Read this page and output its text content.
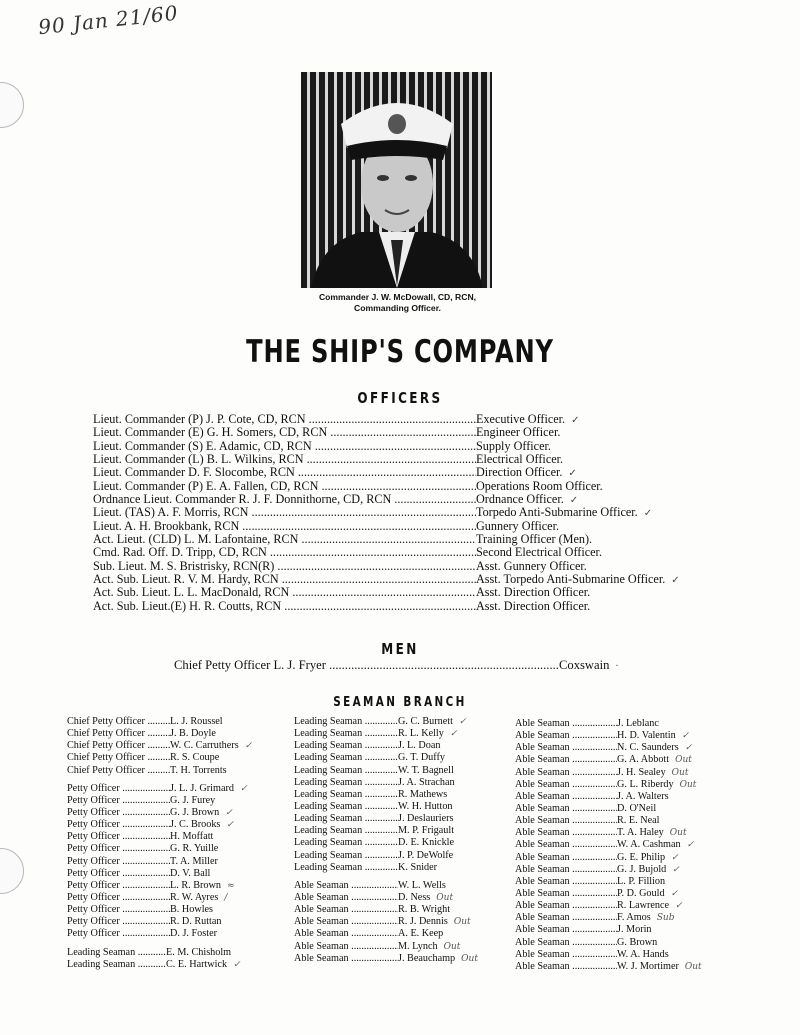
90 Jan 21/60
Commander J. W. McDowall, CD, RCN,
Commanding Officer.
THE SHIP'S COMPANY
OFFICERS
Lieut. Commander (P) J. P. Cote, CD, RCN .....	Executive Officer. ✓
Lieut. Commander (E) G. H. Somers, CD, RCN .....	Engineer Officer.
Lieut. Commander (S) E. Adamic, CD, RCN .....	Supply Officer.
Lieut. Commander (L) B. L. Wilkins, RCN .....	Electrical Officer.
Lieut. Commander D. F. Slocombe, RCN .....	Direction Officer. ✓
Lieut. Commander (P) E. A. Fallen, CD, RCN .....	Operations Room Officer.
Ordnance Lieut. Commander R. J. F. Donnithorne, CD, RCN .....	Ordnance Officer. ✓
Lieut. (TAS) A. F. Morris, RCN .....	Torpedo Anti-Submarine Officer. ✓
Lieut. A. H. Brookbank, RCN .....	Gunnery Officer.
Act. Lieut. (CLD) L. M. Lafontaine, RCN .....	Training Officer (Men).
Cmd. Rad. Off. D. Tripp, CD, RCN .....	Second Electrical Officer.
Sub. Lieut. M. S. Bristrisky, RCN(R) .....	Asst. Gunnery Officer.
Act. Sub. Lieut. R. V. M. Hardy, RCN .....	Asst. Torpedo Anti-Submarine Officer. ✓
Act. Sub. Lieut. L. L. MacDonald, RCN .....	Asst. Direction Officer.
Act. Sub. Lieut.(E) H. R. Coutts, RCN .....	Asst. Direction Officer.
MEN
Chief Petty Officer L. J. Fryer .....	Coxswain ·
SEAMAN BRANCH
Chief Petty Officer .....	L. J. Roussel
Chief Petty Officer .....	J. B. Doyle
Chief Petty Officer .....	W. C. Carruthers ✓
Chief Petty Officer .....	R. S. Coupe
Chief Petty Officer .....	T. H. Torrents
Petty Officer .....	J. L. J. Grimard ✓
Petty Officer .....	G. J. Furey
Petty Officer .....	G. J. Brown ✓
Petty Officer .....	J. C. Brooks ✓
Petty Officer .....	H. Moffatt
Petty Officer .....	G. R. Yuille
Petty Officer .....	T. A. Miller
Petty Officer .....	D. V. Ball
Petty Officer .....	L. R. Brown ≈
Petty Officer .....	R. W. Ayres /
Petty Officer .....	B. Howles
Petty Officer .....	R. D. Ruttan
Petty Officer .....	D. J. Foster
Leading Seaman .....	E. M. Chisholm
Leading Seaman .....	C. E. Hartwick ✓
Leading Seaman .....	G. C. Burnett ✓
Leading Seaman .....	R. L. Kelly ✓
Leading Seaman .....	J. L. Doan
Leading Seaman .....	G. T. Duffy
Leading Seaman .....	W. T. Bagnell
Leading Seaman .....	J. A. Strachan
Leading Seaman .....	R. Mathews
Leading Seaman .....	W. H. Hutton
Leading Seaman .....	J. Deslauriers
Leading Seaman .....	M. P. Frigault
Leading Seaman .....	D. E. Knickle
Leading Seaman .....	J. P. DeWolfe
Leading Seaman .....	K. Snider
Able Seaman .....	W. L. Wells
Able Seaman .....	D. Ness Out
Able Seaman .....	R. B. Wright
Able Seaman .....	R. J. Dennis Out
Able Seaman .....	A. E. Keep
Able Seaman .....	M. Lynch Out
Able Seaman .....	J. Beauchamp Out
Able Seaman .....	J. Leblanc
Able Seaman .....	H. D. Valentin ✓
Able Seaman .....	N. C. Saunders ✓
Able Seaman .....	G. A. Abbott Out
Able Seaman .....	J. H. Sealey Out
Able Seaman .....	G. L. Riberdy Out
Able Seaman .....	J. A. Walters
Able Seaman .....	D. O'Neil
Able Seaman .....	R. E. Neal
Able Seaman .....	T. A. Haley Out
Able Seaman .....	W. A. Cashman ✓
Able Seaman .....	G. E. Philip ✓
Able Seaman .....	G. J. Bujold ✓
Able Seaman .....	L. P. Fillion
Able Seaman .....	P. D. Gould ✓
Able Seaman .....	R. Lawrence ✓
Able Seaman .....	F. Amos Sub
Able Seaman .....	J. Morin
Able Seaman .....	G. Brown
Able Seaman .....	W. A. Hands
Able Seaman .....	W. J. Mortimer Out
